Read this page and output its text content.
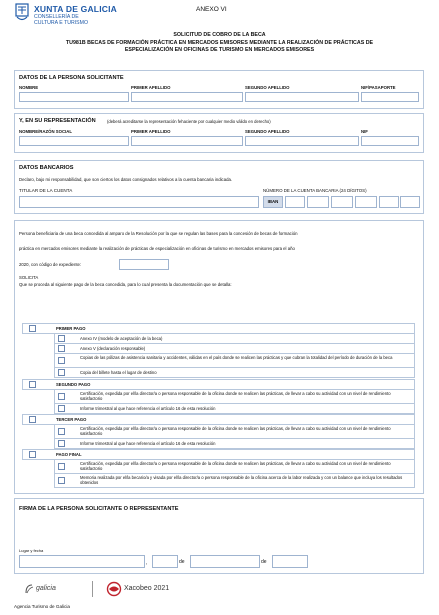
XUNTA DE GALICIA
CONSELLERÍA DE
CULTURA E TURISMO
ANEXO VI
SOLICITUD DE COBRO DE LA BECA
TU981B BECAS DE FORMACIÓN PRÁCTICA EN MERCADOS EMISORES MEDIANTE LA REALIZACIÓN DE PRÁCTICAS DE
ESPECIALIZACIÓN EN OFICINAS DE TURISMO EN MERCADOS EMISORES
DATOS DE LA PERSONA SOLICITANTE
NOMBRE	PRIMER APELLIDO	SEGUNDO APELLIDO	NIF/PASAPORTE
Y, EN SU REPRESENTACIÓN	(deberá acreditarse la representación fehaciente por cualquier medio válido en derecho)
NOMBRE/RAZÓN SOCIAL	PRIMER APELLIDO	SEGUNDO APELLIDO	NIF
DATOS BANCARIOS
Declaro, bajo mi responsabilidad, que son ciertos los datos consignados relativos a la cuenta bancaria indicada.
TITULAR DE LA CUENTA	NÚMERO DE LA CUENTA BANCARIA (24 DÍGITOS)
IBAN
Persona beneficiaria de una beca concedida al amparo de la Resolución por la que se regulan las bases para la concesión de becas de formación
práctica en mercados emisores mediante la realización de prácticas de especialización en oficinas de turismo en mercados emisores para el año
2020, con código de expediente:
SOLICITA
Que se proceda al siguiente pago de la beca concedida, para lo cual presenta la documentación que se detalla:
PRIMER PAGO
Anexo IV (modelo de aceptación de la beca)
Anexo V (declaración responsable)
Copias de las pólizas de asistencia sanitaria y accidentes, válidas en el país donde se realicen las prácticas y que cubran la totalidad del período de duración de la beca
Copia del billete hasta el lugar de destino
SEGUNDO PAGO
Certificación, expedida por el/la director/a o persona responsable de la oficina donde se realicen las prácticas, de llevar a cabo su actividad con un nivel de rendimiento satisfactorio
Informe trimestral al que hace referencia el artículo 16 de esta resolución
TERCER PAGO
Certificación, expedida por el/la director/a o persona responsable de la oficina donde se realicen las prácticas, de llevar a cabo su actividad con un nivel de rendimiento satisfactorio
Informe trimestral al que hace referencia el artículo 16 de esta resolución
PAGO FINAL
Certificación, expedida por el/la director/a o persona responsable de la oficina donde se realicen las prácticas, de llevar a cabo su actividad con un nivel de rendimiento satisfactorio
Memoria realizada por el/la becario/a y visada por el/la director/a o persona responsable de la oficina acerca de la labor realizada y con un balance que incluya los resultados obtenidos
FIRMA DE LA PERSONA SOLICITANTE O REPRESENTANTE
Lugar y fecha
,	de	de
galicia	Xacobeo 2021
Agencia Turismo de Galicia
